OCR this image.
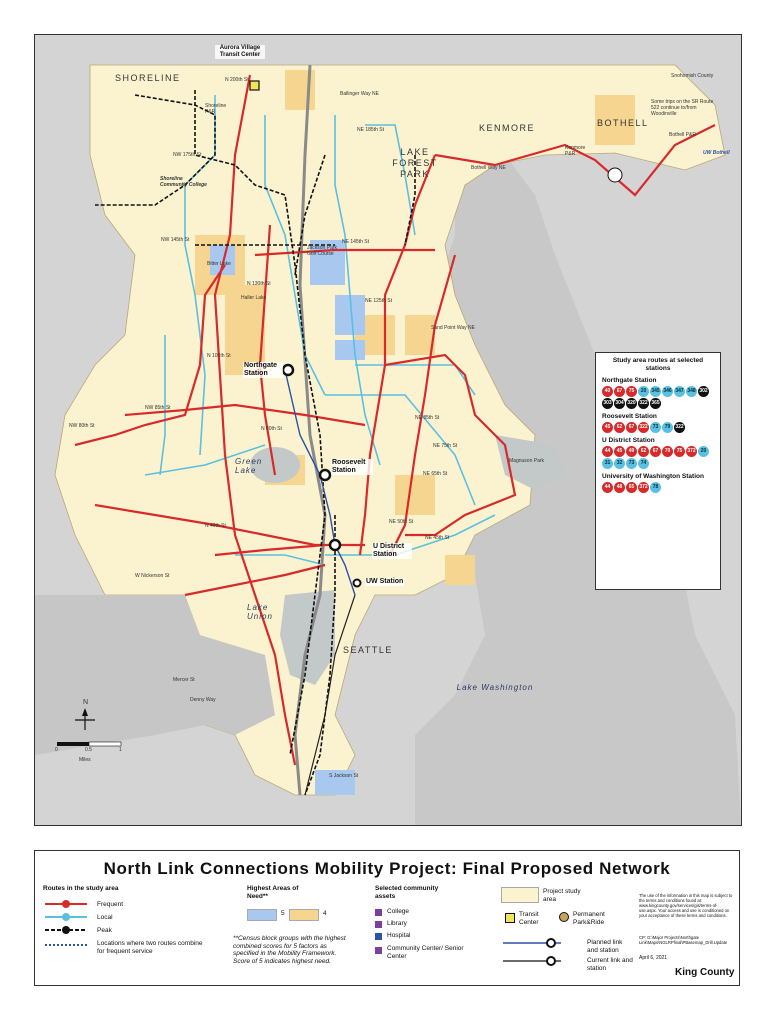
SHORELINE
KENMORE	BOTHELL
LAKE FOREST PARK
SEATTLE
Snohomish County
Green Lake
Lake Union
Lake Washington
Haller Lake
Bitter Lake
Aurora Village Transit Center
Northgate Station
Roosevelt Station
U District Station
UW Station
Shoreline P&R
Kenmore P&R
Bothell P&R
UW Bothell
Shoreline Community College
N 200th St
NE 185th St
NW 175th St
NW 145th St	NE 145th St
N 130th St
NE 125th St
N 105th St
NW 85th St
NW 80th St	N 80th St
NE 85th St
NE 75th St
NE 65th St
NE 50th St
NE 45th St
N 40th St
W Nickerson St
Mercer St
Denny Way
S Jackson St
Ballinger Way NE
Bothell Way NE
Sand Point Way NE
Magnuson Park
Jackson Park Golf Course
Some trips on the SR Route 522 continue to/from Woodinville
0	0.5	1
Miles
N
Study area routes at selected stations
Northgate Station
40	67	75	20	345 346 347 348 302
303 304 320 322 365
Roosevelt Station
45	62	67	322	73	79	322
U District Station
44	45	49	62	67	70	75	372	20
31	32	73	74
University of Washington Station
44	48	65	372	78
North Link Connections Mobility Project: Final Proposed Network
Routes in the study area
Frequent
Local
Peak
Locations where two routes combine for frequent service
Highest Areas of Need**
5	4
**Census block groups with the highest combined scores for 5 factors as specified in the Mobility Framework. Score of 5 indicates highest need.
Selected community assets
College
Library
Hospital
Community Center/ Senior Center
Project study area
Transit Center
Permanent Park&Ride
Planned link and station
Current link and station
The use of the information in this map is subject to the terms and conditions found at: www.kingcounty.gov/services/gis/terms-of-use.aspx. Your access and use is conditioned on your acceptance of these terms and conditions.
CP: G:\Major Projects\Northgate Link\Maps\NGLRPfinal\PBasemap_Drill.Update
April 6, 2021
King County
